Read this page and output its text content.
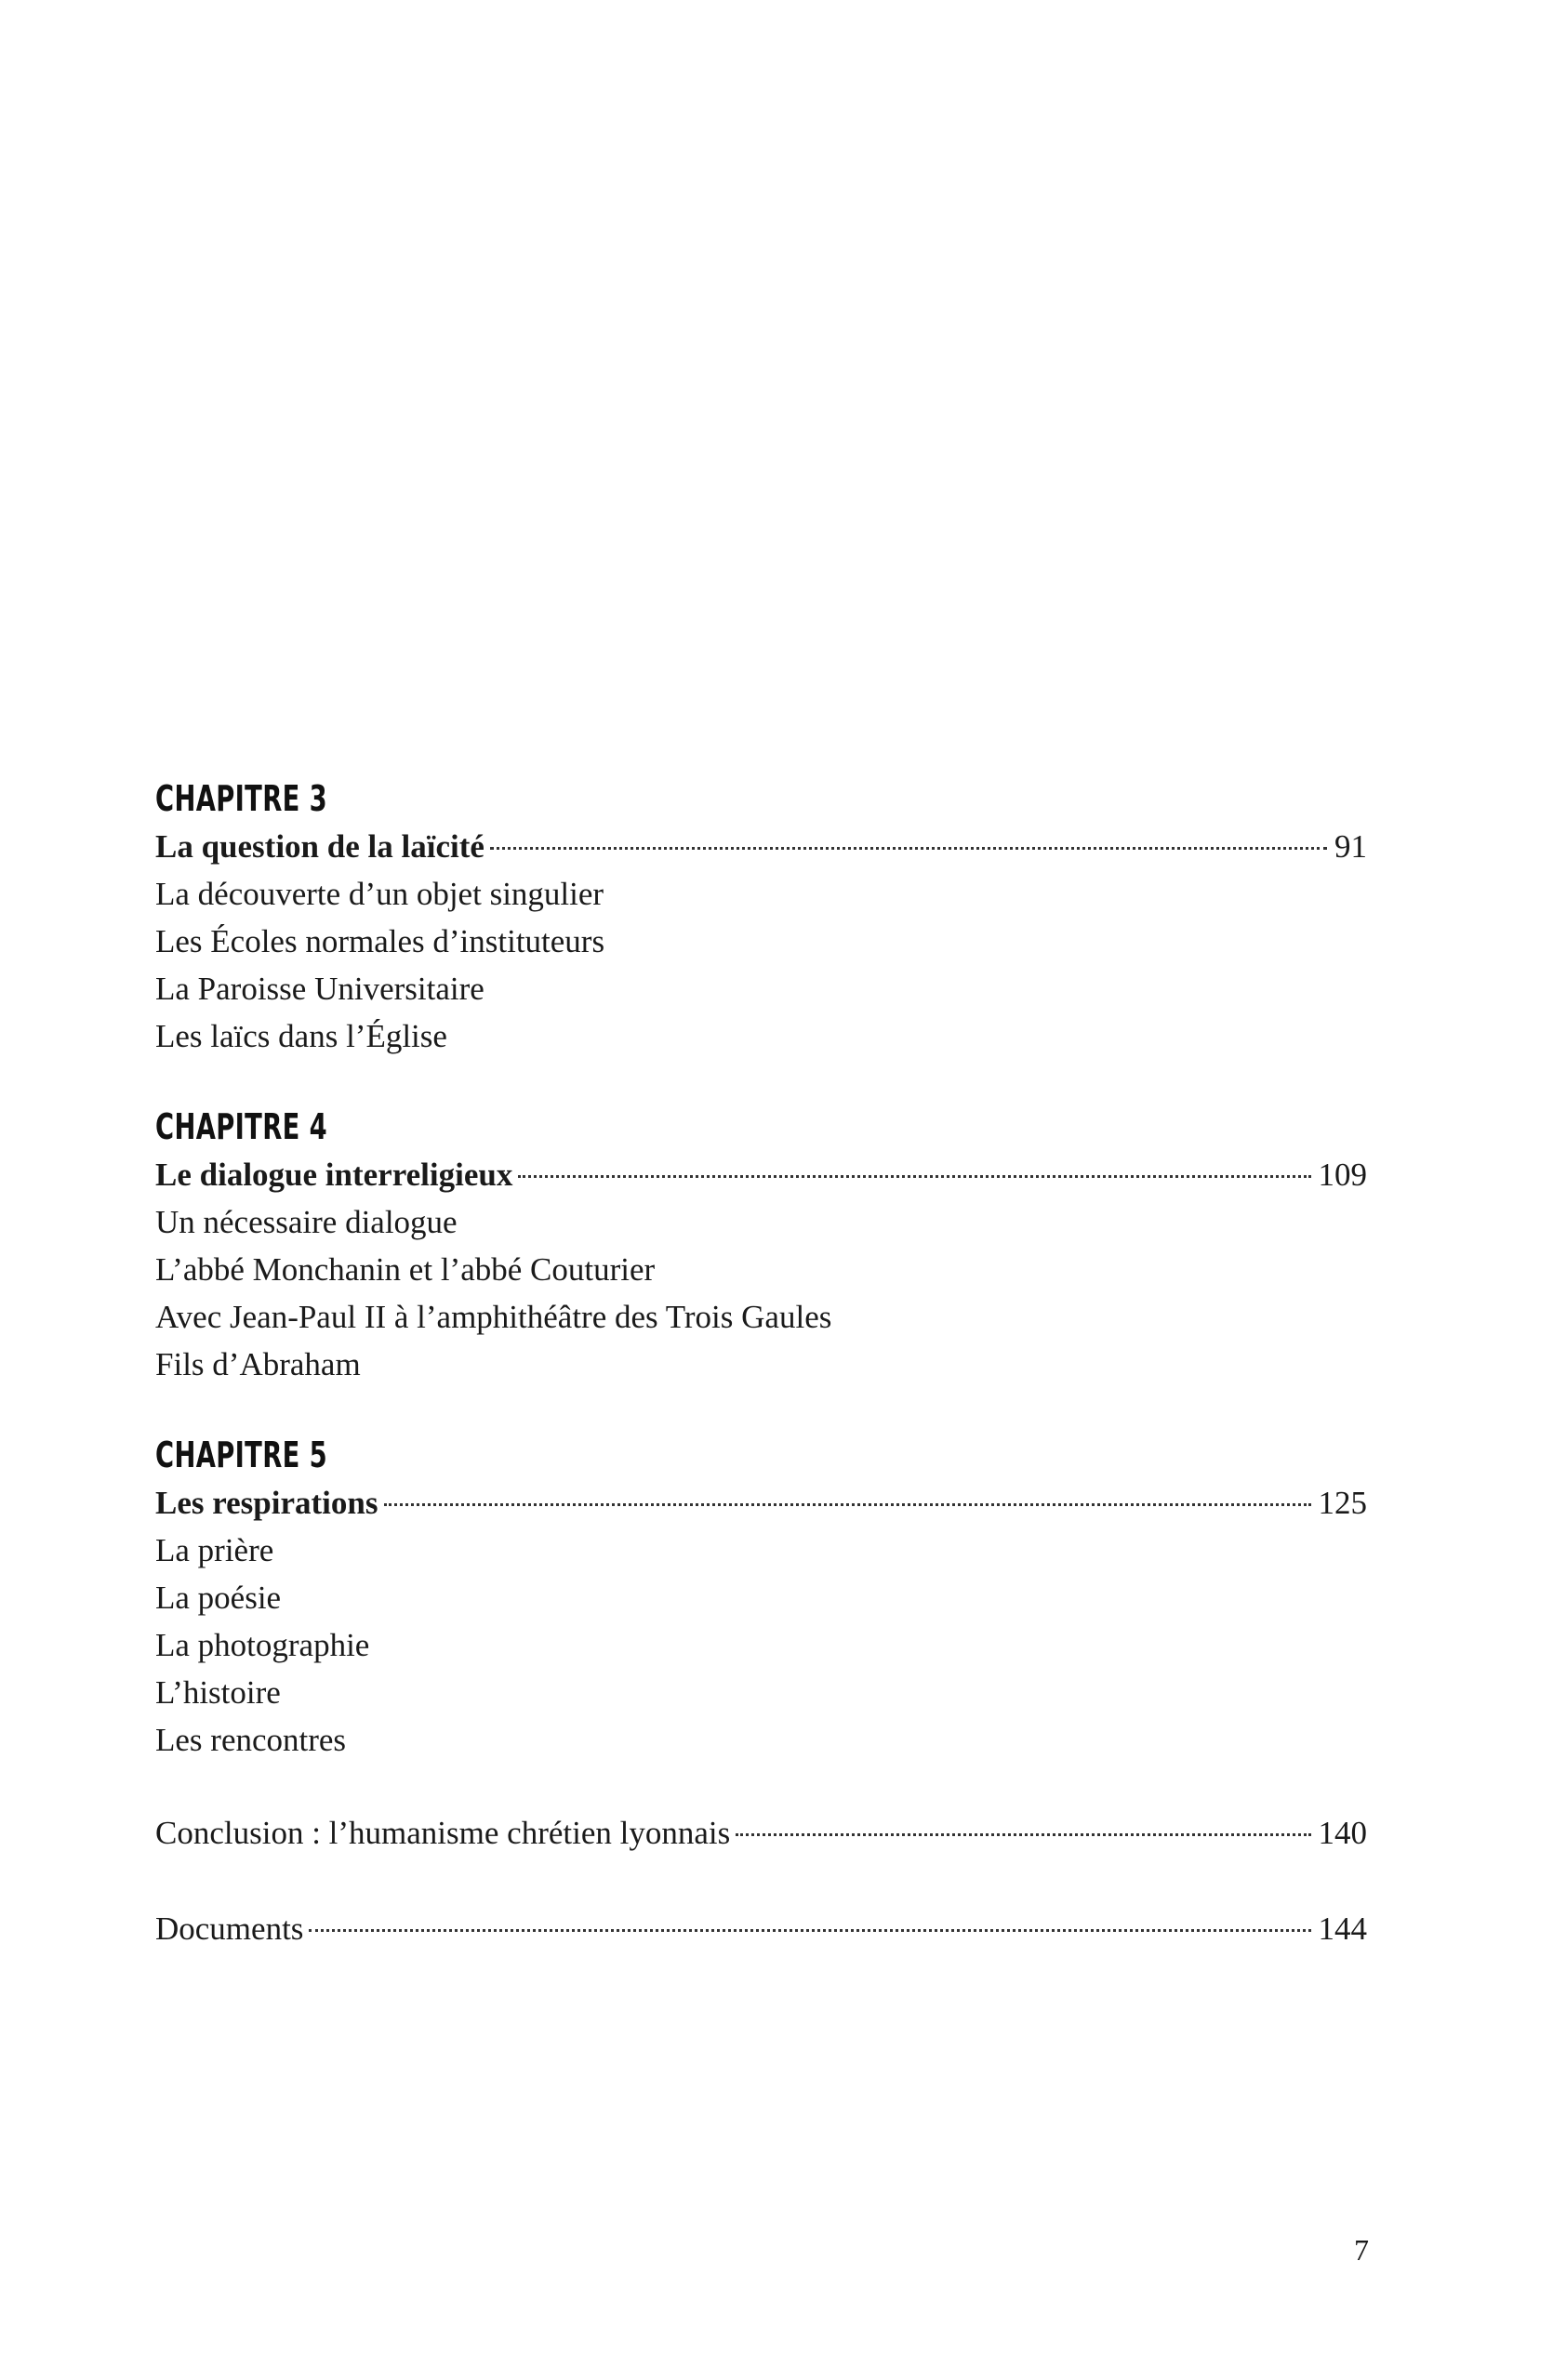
CHAPITRE 3
La question de la laïcité	91
La découverte d’un objet singulier
Les Écoles normales d’instituteurs
La Paroisse Universitaire
Les laïcs dans l’Église
CHAPITRE 4
Le dialogue interreligieux	109
Un nécessaire dialogue
L’abbé Monchanin et l’abbé Couturier
Avec Jean-Paul II à l’amphithéâtre des Trois Gaules
Fils d’Abraham
CHAPITRE 5
Les respirations	125
La prière
La poésie
La photographie
L’histoire
Les rencontres
Conclusion : l’humanisme chrétien lyonnais	140
Documents	144
7
